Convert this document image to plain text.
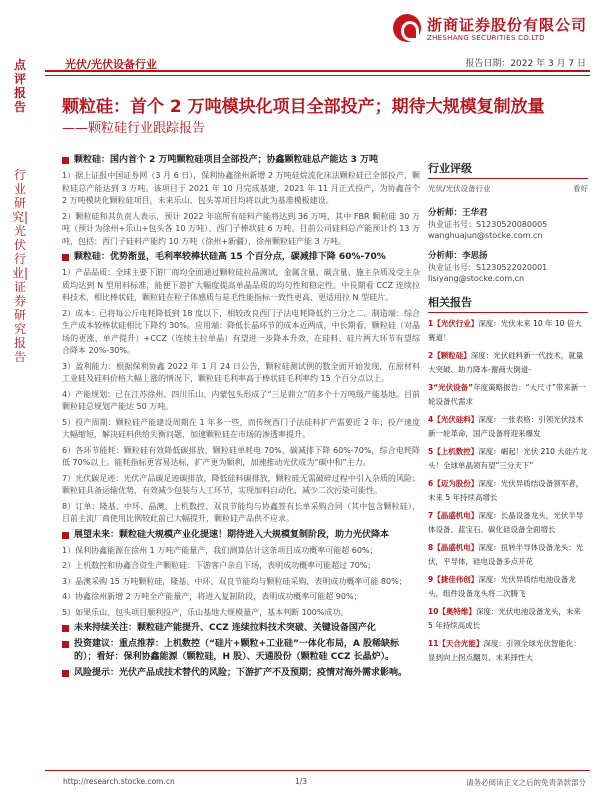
浙商证券股份有限公司
ZHESHANG SECURITIES CO.LTD
点评报告
行业研究|光伏行业|证券研究报告
光伏/光伏设备行业	报告日期：2022 年 3 月 7 日
颗粒硅：首个 2 万吨模块化项目全部投产；期待大规模复制放量
——颗粒硅行业跟踪报告
颗粒硅：国内首个 2 万吨颗粒硅项目全部投产；协鑫颗粒硅总产能达 3 万吨
1）据上证报中国证券网（3 月 6 日），保利协鑫徐州新增 2 万吨硅烷流化床法颗粒硅已全部投产，颗粒硅总产能达到 3 万吨。该项目于 2021 年 10 月完成基建，2021 年 11 月正式投产，为协鑫首个 2 万吨模块化颗粒硅项目，未来乐山、包头等项目均将以此为基准模板建设。
2）颗粒硅和其负责人表示，预计 2022 年底所有硅料产能将达到 36 万吨，其中 FBR 颗粒硅 30 万吨（预计为徐州+乐山+包头各 10 万吨）、西门子棒状硅 6 万吨。目前公司硅料总产能预计约 13 万吨，包括：西门子硅料产能约 10 万吨（徐州+新疆），徐州颗粒硅产能 3 万吨。
颗粒硅：优势渐显，毛利率较棒状硅高 15 个百分点，碳减排下降 60%-70%
1）产品品质：全球主要下游厂商均全面通过颗粒硅拉晶测试，金属含量、碳含量、施主杂质及受主杂质均达到 N 型用料标准，能便下游扩大幅度提高单晶品质的均匀性和稳定性。中長期看 CCZ 连续拉料技术，相比棒状硅，颗粒硅在粒子体感质与是毛性能指标一致性更高、更适用拉 N 型硅片。
2）成本：已将每公斤电耗降低到 18 度以下，相较改良西门子法电耗降低约三分之二。制造端：综合生产成本较棒状硅相比下降约 30%。应用端：降低长晶环节的成本近两成，中长期看，颗粒硅（对晶场的更涨、单产提升）+CCZ（连续主拉单晶）有望进一步降本升效，在硅料、硅片两大环节有望综合降本 20%-30%。
3）盈利能力：根据保利协鑫 2022 年 1 月 24 日公告，颗粒硅测试例的数全面开始发现，在原材料工业硅及硅料价格大幅上涨的情况下，颗粒硅毛利率高于棒状硅毛利率约 15 个百分点以上。
4）产能规划：已在江苏徐州、四川乐山、内蒙包头形成了“三足鼎立”的多个十万吨级产能基地。目前颗粒硅总规划产能达 50 万吨。
5）投产周期：颗粒硅产能建设周期在 1 年多一些，而传统西门子法硅料扩产需要近 2 年；投产速度大幅缩短，解决硅料供给失衡问题，加速颗粒硅在市场的渗透率提升。
6）各环节能耗：颗粒硅有效降低碳排放，颗粒硅单耗电 70%，碳减排下降 60%-70%，综合电耗降低 70%以上。能耗指标更容易达标，扩产更为顺利，加速推动光伏成为“碳中和”主力。
7）光伏碳足迹：光伏产品碳足迹碳排放，降低硅料碳排放，颗粒硅无需破碎过程中引入杂质的风险；颗粒硅具备运输优势，有效减少包装与人工环节，实现加料自动化，减少二次污染可能性。
8）订单：隆基、中环、晶澳、上机数控、双良节能均与协鑫签有长单采购合同（其中包含颗粒硅），目前主流厂商使用比例较此前已大幅提升，颗粒硅产品供不应求。
展望未来：颗粒硅大规模产业化提速！期待进入大规模复制阶段，助力光伏降本
1）保利协鑫能源在徐州 1 万吨产能量产，我们测算估计这条项目成功概率可能超 60%；
2）上机数控和协鑫合资生产颗粒硅：下游客户亲自下场，表明成功概率可能超过 70%；
3）晶澳采购 15 万吨颗粒硅，隆基、中环、双良节能均与颗粒硅采购，表明成功概率可能 80%；
4）协鑫徐州新增 2 万吨全产能量产，将进入复制阶段，表明成功概率可能超 90%；
5）如果乐山、包头项目顺利投产，乐山基地大规模量产，基本判断 100%成功。
未来持续关注：颗粒硅产能提升、CCZ 连续拉料技术突破、关键设备国产化
投资建议：重点推荐：上机数控（“硅片+颗粒+工业硅”一体化布局，A 股稀缺标的）；看好：保利协鑫能源（颗粒硅，H 股）、天通股份（颗粒硅 CCZ 长晶炉）。
风险提示：光伏产品成技术替代的风险；下游扩产不及预期；疫情对海外需求影响。
行业评级
光伏/光伏设备行业	看好
分析师：王华君
执业证书号：S1230520080005
wanghuajun@stocke.com.cn
分析师：李思扬
执业证书号：S1230522020001
lisiyang@stocke.com.cn
相关报告
1【光伏行业】深度：光伏未来 10 年 10 倍大赛道！
2【颗粒硅】深度：光伏硅料新一代技术，就量大突破、助力降本-谢商大倒道-
3“光伏设备”年度策略报告：“大尺寸”带来新一轮设备代需求
4【光伏硅料】深度：一张表格：引领光伏技术新一轮革命，国产设备将迎来爆发
5【上机数控】深度：崛起！光伏 210 大硅片龙头！全球单晶领有望“三分天下”
6【迈为股份】深度：光伏异质结设备领军者，未来 5 年持续高增长
7【晶盛机电】深度：长晶设备龙头，光伏半导体设备、蓝宝石、碳化硅设备全面增长
8【晶盛机电】深度：扭转半导体设备龙头：光伏，平导体，硅电设备多点开花
9【捷佳伟创】深度：光伏异质结电池设备龙头，组件设备龙头将二次腾飞
10【奥特维】深度：光伏电池设备龙头，未来 5 年持续高成长
11【天合光能】深度：引领全球光伏智能化：显到向上拐点翻页、未来择性大
http://research.stocke.com.cn	1/3	请务必阅读正文之后的免责条款部分
